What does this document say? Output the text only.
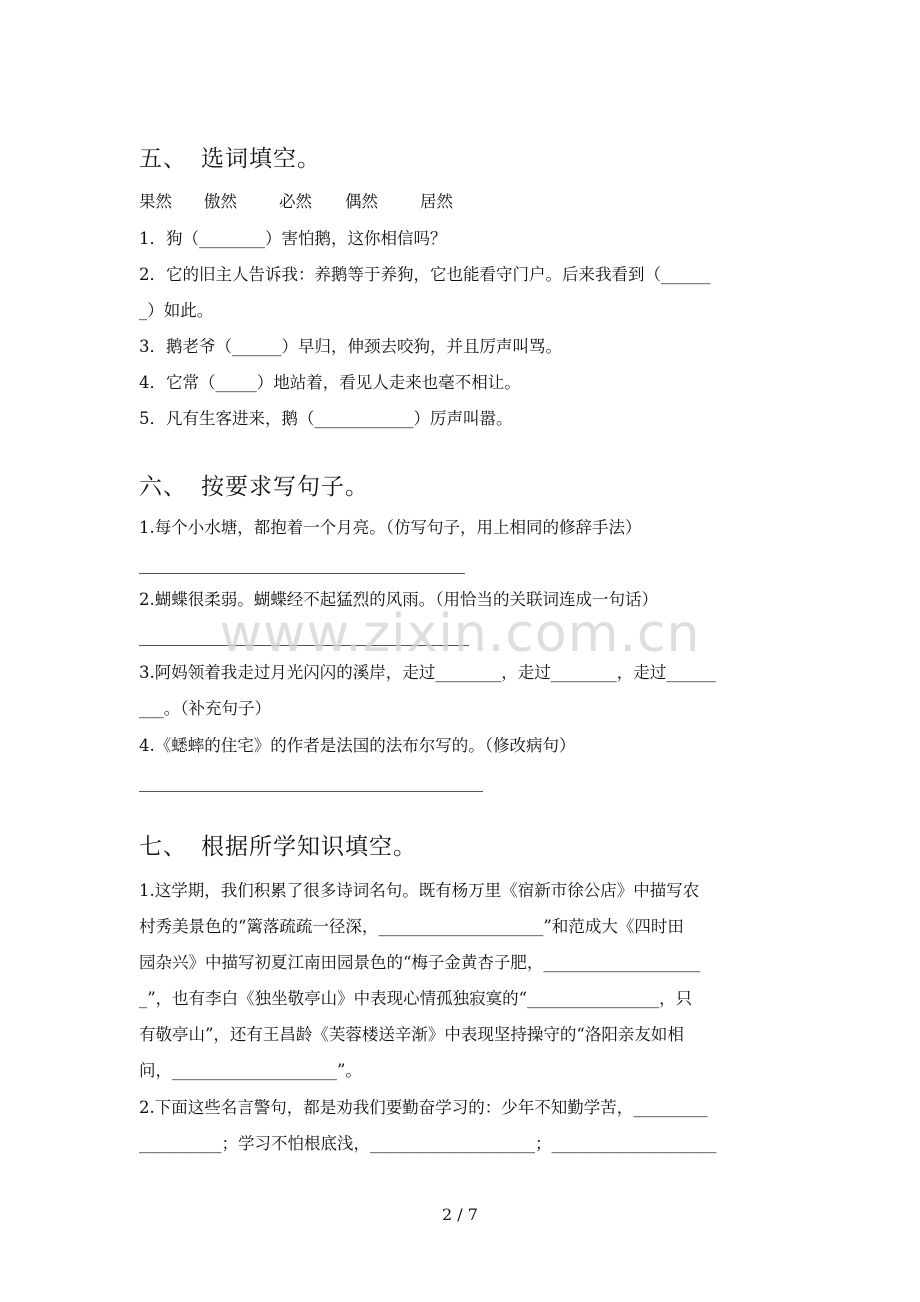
五、 选词填空。
果然 傲然	必然 偶然	居然
1．狗（________）害怕鹅，这你相信吗？
2．它的旧主人告诉我：养鹅等于养狗，它也能看守门户。后来我看到（______
_）如此。
3．鹅老爷（______）早归，伸颈去咬狗，并且厉声叫骂。
4．它常（_____）地站着，看见人走来也毫不相让。
5．凡有生客进来，鹅（____________）厉声叫嚣。
六、 按要求写句子。
1.每个小水塘，都抱着一个月亮。（仿写句子，用上相同的修辞手法）
2.蝴蝶很柔弱。蝴蝶经不起猛烈的风雨。（用恰当的关联词连成一句话）
3.阿妈领着我走过月光闪闪的溪岸，走过________，走过________，走过______
___。（补充句子）
4.《蟋蟀的住宅》的作者是法国的法布尔写的。（修改病句）
七、 根据所学知识填空。
1.这学期，我们积累了很多诗词名句。既有杨万里《宿新市徐公店》中描写农
村秀美景色的“篱落疏疏一径深，____________________”和范成大《四时田
园杂兴》中描写初夏江南田园景色的“梅子金黄杏子肥，___________________
_”，也有李白《独坐敬亭山》中表现心情孤独寂寞的“________________，只
有敬亭山”，还有王昌龄《芙蓉楼送辛渐》中表现坚持操守的“洛阳亲友如相
问，____________________”。
2.下面这些名言警句，都是劝我们要勤奋学习的：少年不知勤学苦，_________
__________；学习不怕根底浅，____________________；____________________
www.zixin.com.cn
2 / 7
